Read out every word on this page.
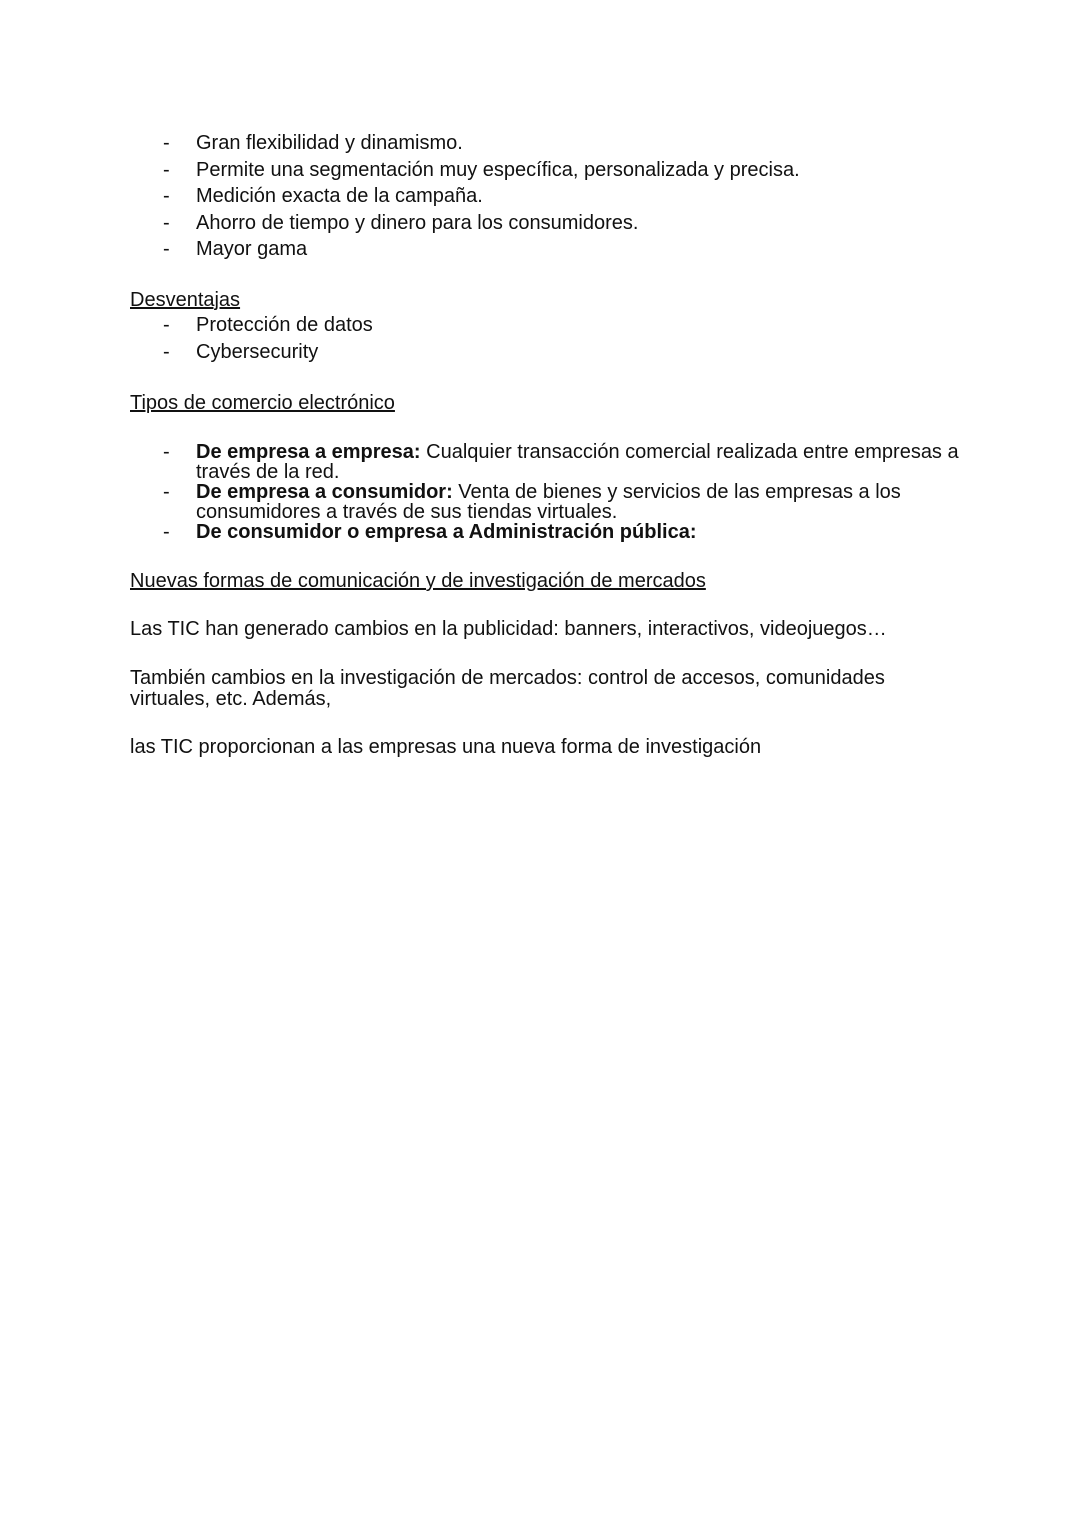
- Gran flexibilidad y dinamismo.
- Permite una segmentación muy específica, personalizada y precisa.
- Medición exacta de la campaña.
- Ahorro de tiempo y dinero para los consumidores.
- Mayor gama
Desventajas
- Protección de datos
- Cybersecurity
Tipos de comercio electrónico
- De empresa a empresa: Cualquier transacción comercial realizada entre empresas a través de la red.
- De empresa a consumidor: Venta de bienes y servicios de las empresas a los consumidores a través de sus tiendas virtuales.
- De consumidor o empresa a Administración pública:
Nuevas formas de comunicación y de investigación de mercados
Las TIC han generado cambios en la publicidad: banners, interactivos, videojuegos…
También cambios en la investigación de mercados: control de accesos, comunidades virtuales, etc. Además,
las TIC proporcionan a las empresas una nueva forma de investigación
